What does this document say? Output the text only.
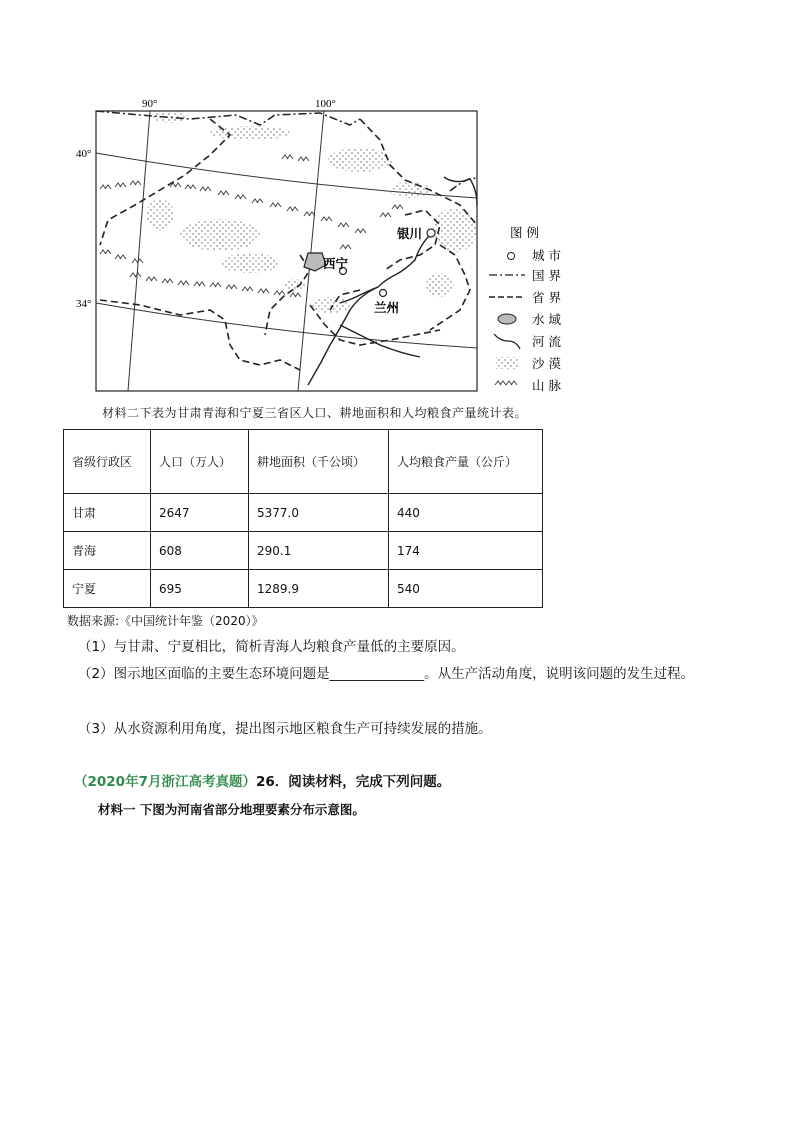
90°	100°
40°
34°
银川
西宁
兰州
图 例
城 市
国 界
省 界
水 域
河 流
沙 漠
山 脉
材料二下表为甘肃青海和宁夏三省区人口、耕地面积和人均粮食产量统计表。
省级行政区	人口（万人）	耕地面积（千公顷）	人均粮食产量（公斤）
甘肃	2647	5377.0	440
青海	608	290.1	174
宁夏	695	1289.9	540
数据来源:《中国统计年鉴（2020）》
（1）与甘肃、宁夏相比，简析青海人均粮食产量低的主要原因。
（2）图示地区面临的主要生态环境问题是______________。从生产活动角度，说明该问题的发生过程。
（3）从水资源利用角度，提出图示地区粮食生产可持续发展的措施。
（2020年7月浙江高考真题）26．阅读材料，完成下列问题。
材料一 下图为河南省部分地理要素分布示意图。
